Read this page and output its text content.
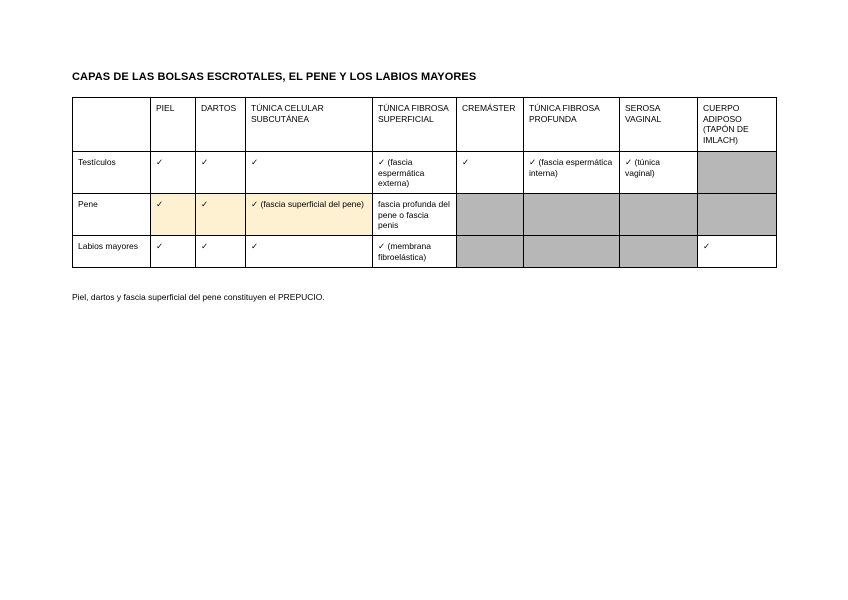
CAPAS DE LAS BOLSAS ESCROTALES, EL PENE Y LOS LABIOS MAYORES
	PIEL	DARTOS	TÚNICA CELULAR SUBCUTÁNEA	TÚNICA FIBROSA SUPERFICIAL	CREMÁSTER	TÚNICA FIBROSA PROFUNDA	SEROSA VAGINAL	CUERPO ADIPOSO (TAPÓN DE IMLACH)
Testículos	✓	✓	✓	✓ (fascia espermática externa)	✓	✓ (fascia espermática interna)	✓ (túnica vaginal)	
Pene	✓	✓	✓ (fascia superficial del pene)	fascia profunda del pene o fascia penis				
Labios mayores	✓	✓	✓	✓ (membrana fibroelástica)				✓
Piel, dartos y fascia superficial del pene constituyen el PREPUCIO.
